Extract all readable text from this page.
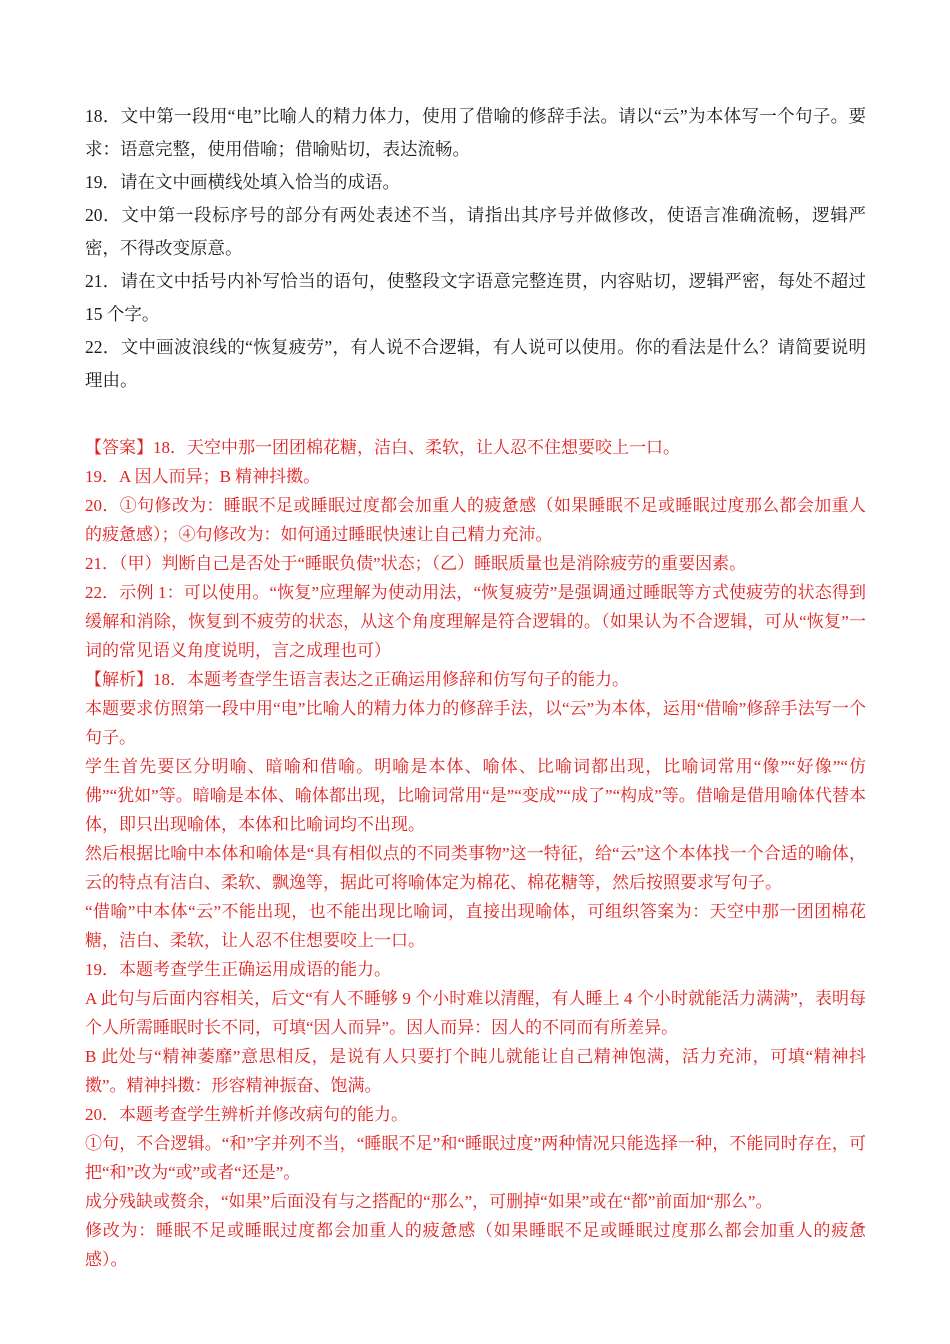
18．文中第一段用“电”比喻人的精力体力，使用了借喻的修辞手法。请以“云”为本体写一个句子。要求：语意完整，使用借喻；借喻贴切，表达流畅。

19．请在文中画横线处填入恰当的成语。

20．文中第一段标序号的部分有两处表述不当，请指出其序号并做修改，使语言准确流畅，逻辑严密，不得改变原意。

21．请在文中括号内补写恰当的语句，使整段文字语意完整连贯，内容贴切，逻辑严密，每处不超过 15 个字。

22．文中画波浪线的“恢复疲劳”，有人说不合逻辑，有人说可以使用。你的看法是什么？请简要说明理由。

【答案】18．天空中那一团团棉花糖，洁白、柔软，让人忍不住想要咬上一口。

19．A 因人而异；B 精神抖擞。

20．①句修改为：睡眠不足或睡眠过度都会加重人的疲惫感（如果睡眠不足或睡眠过度那么都会加重人的疲惫感）；④句修改为：如何通过睡眠快速让自己精力充沛。

21．（甲）判断自己是否处于“睡眠负债”状态；（乙）睡眠质量也是消除疲劳的重要因素。

22．示例 1：可以使用。“恢复”应理解为使动用法，“恢复疲劳”是强调通过睡眠等方式使疲劳的状态得到缓解和消除，恢复到不疲劳的状态，从这个角度理解是符合逻辑的。（如果认为不合逻辑，可从“恢复”一词的常见语义角度说明，言之成理也可）

【解析】18．本题考查学生语言表达之正确运用修辞和仿写句子的能力。

本题要求仿照第一段中用“电”比喻人的精力体力的修辞手法，以“云”为本体，运用“借喻”修辞手法写一个句子。

学生首先要区分明喻、暗喻和借喻。明喻是本体、喻体、比喻词都出现，比喻词常用“像”“好像”“仿佛”“犹如”等。暗喻是本体、喻体都出现，比喻词常用“是”“变成”“成了”“构成”等。借喻是借用喻体代替本体，即只出现喻体，本体和比喻词均不出现。

然后根据比喻中本体和喻体是“具有相似点的不同类事物”这一特征，给“云”这个本体找一个合适的喻体，云的特点有洁白、柔软、飘逸等，据此可将喻体定为棉花、棉花糖等，然后按照要求写句子。

“借喻”中本体“云”不能出现，也不能出现比喻词，直接出现喻体，可组织答案为：天空中那一团团棉花糖，洁白、柔软，让人忍不住想要咬上一口。

19．本题考查学生正确运用成语的能力。

A 此句与后面内容相关，后文“有人不睡够 9 个小时难以清醒，有人睡上 4 个小时就能活力满满”，表明每个人所需睡眠时长不同，可填“因人而异”。因人而异：因人的不同而有所差异。

B 此处与“精神萎靡”意思相反，是说有人只要打个盹儿就能让自己精神饱满，活力充沛，可填“精神抖擞”。精神抖擞：形容精神振奋、饱满。

20．本题考查学生辨析并修改病句的能力。

①句，不合逻辑。“和”字并列不当，“睡眠不足”和“睡眠过度”两种情况只能选择一种，不能同时存在，可把“和”改为“或”或者“还是”。

成分残缺或赘余，“如果”后面没有与之搭配的“那么”，可删掉“如果”或在“都”前面加“那么”。

修改为：睡眠不足或睡眠过度都会加重人的疲惫感（如果睡眠不足或睡眠过度那么都会加重人的疲惫感）。
